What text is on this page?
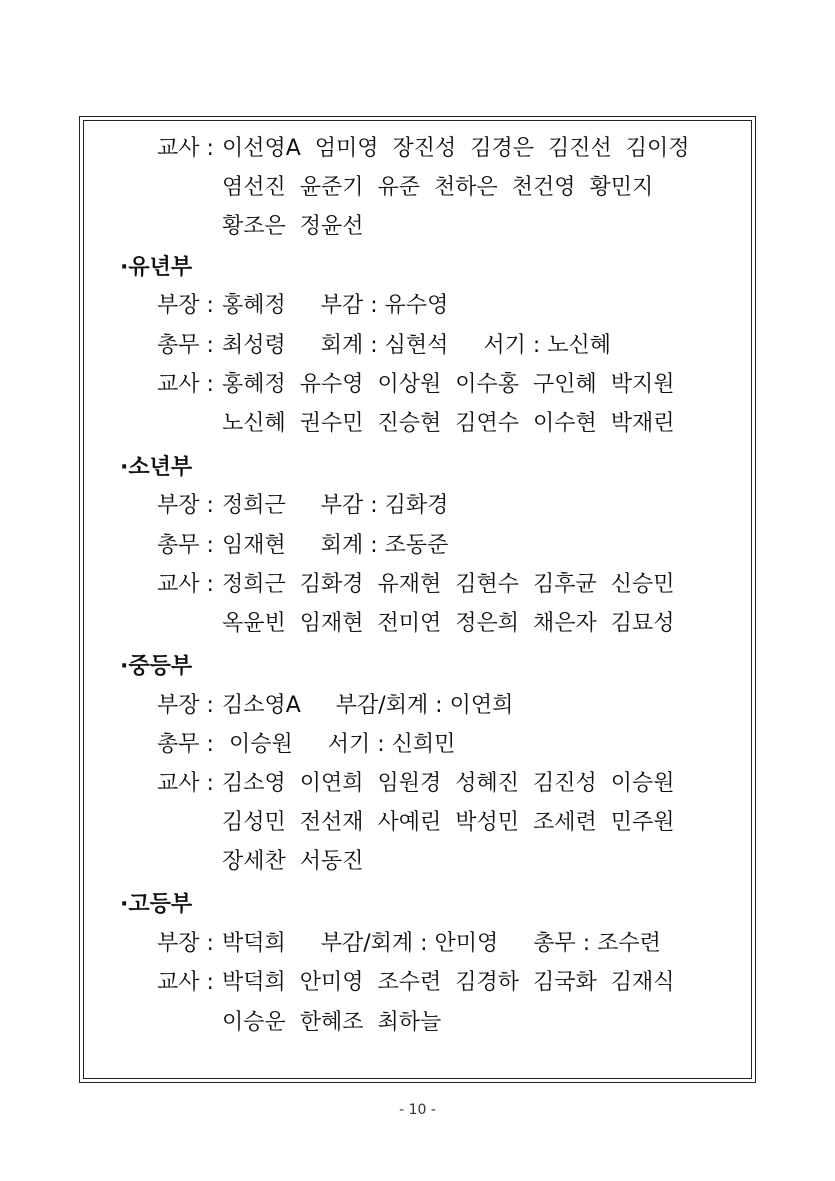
교사 : 이선영A  엄미영  장진성  김경은  김진선  김이정
염선진  윤준기  유준  천하은  천건영  황민지
황조은  정윤선
·유년부
부장 : 홍혜정     부감 : 유수영
총무 : 최성령     회계 : 심현석     서기 : 노신혜
교사 : 홍혜정  유수영  이상원  이수홍  구인혜  박지원
노신혜  권수민  진승현  김연수  이수현  박재린
·소년부
부장 : 정희근     부감 : 김화경
총무 : 임재현     회계 : 조동준
교사 : 정희근  김화경  유재현  김현수  김후균  신승민
옥윤빈  임재현  전미연  정은희  채은자  김묘성
·중등부
부장 : 김소영A     부감/회계 : 이연희
총무 : 이승원     서기 : 신희민
교사 : 김소영  이연희  임원경  성혜진  김진성  이승원
김성민  전선재  사예린  박성민  조세련  민주원
장세찬  서동진
·고등부
부장 : 박덕희     부감/회계 : 안미영     총무 : 조수련
교사 : 박덕희  안미영  조수련  김경하  김국화  김재식
이승운  한혜조  최하늘
- 10 -
